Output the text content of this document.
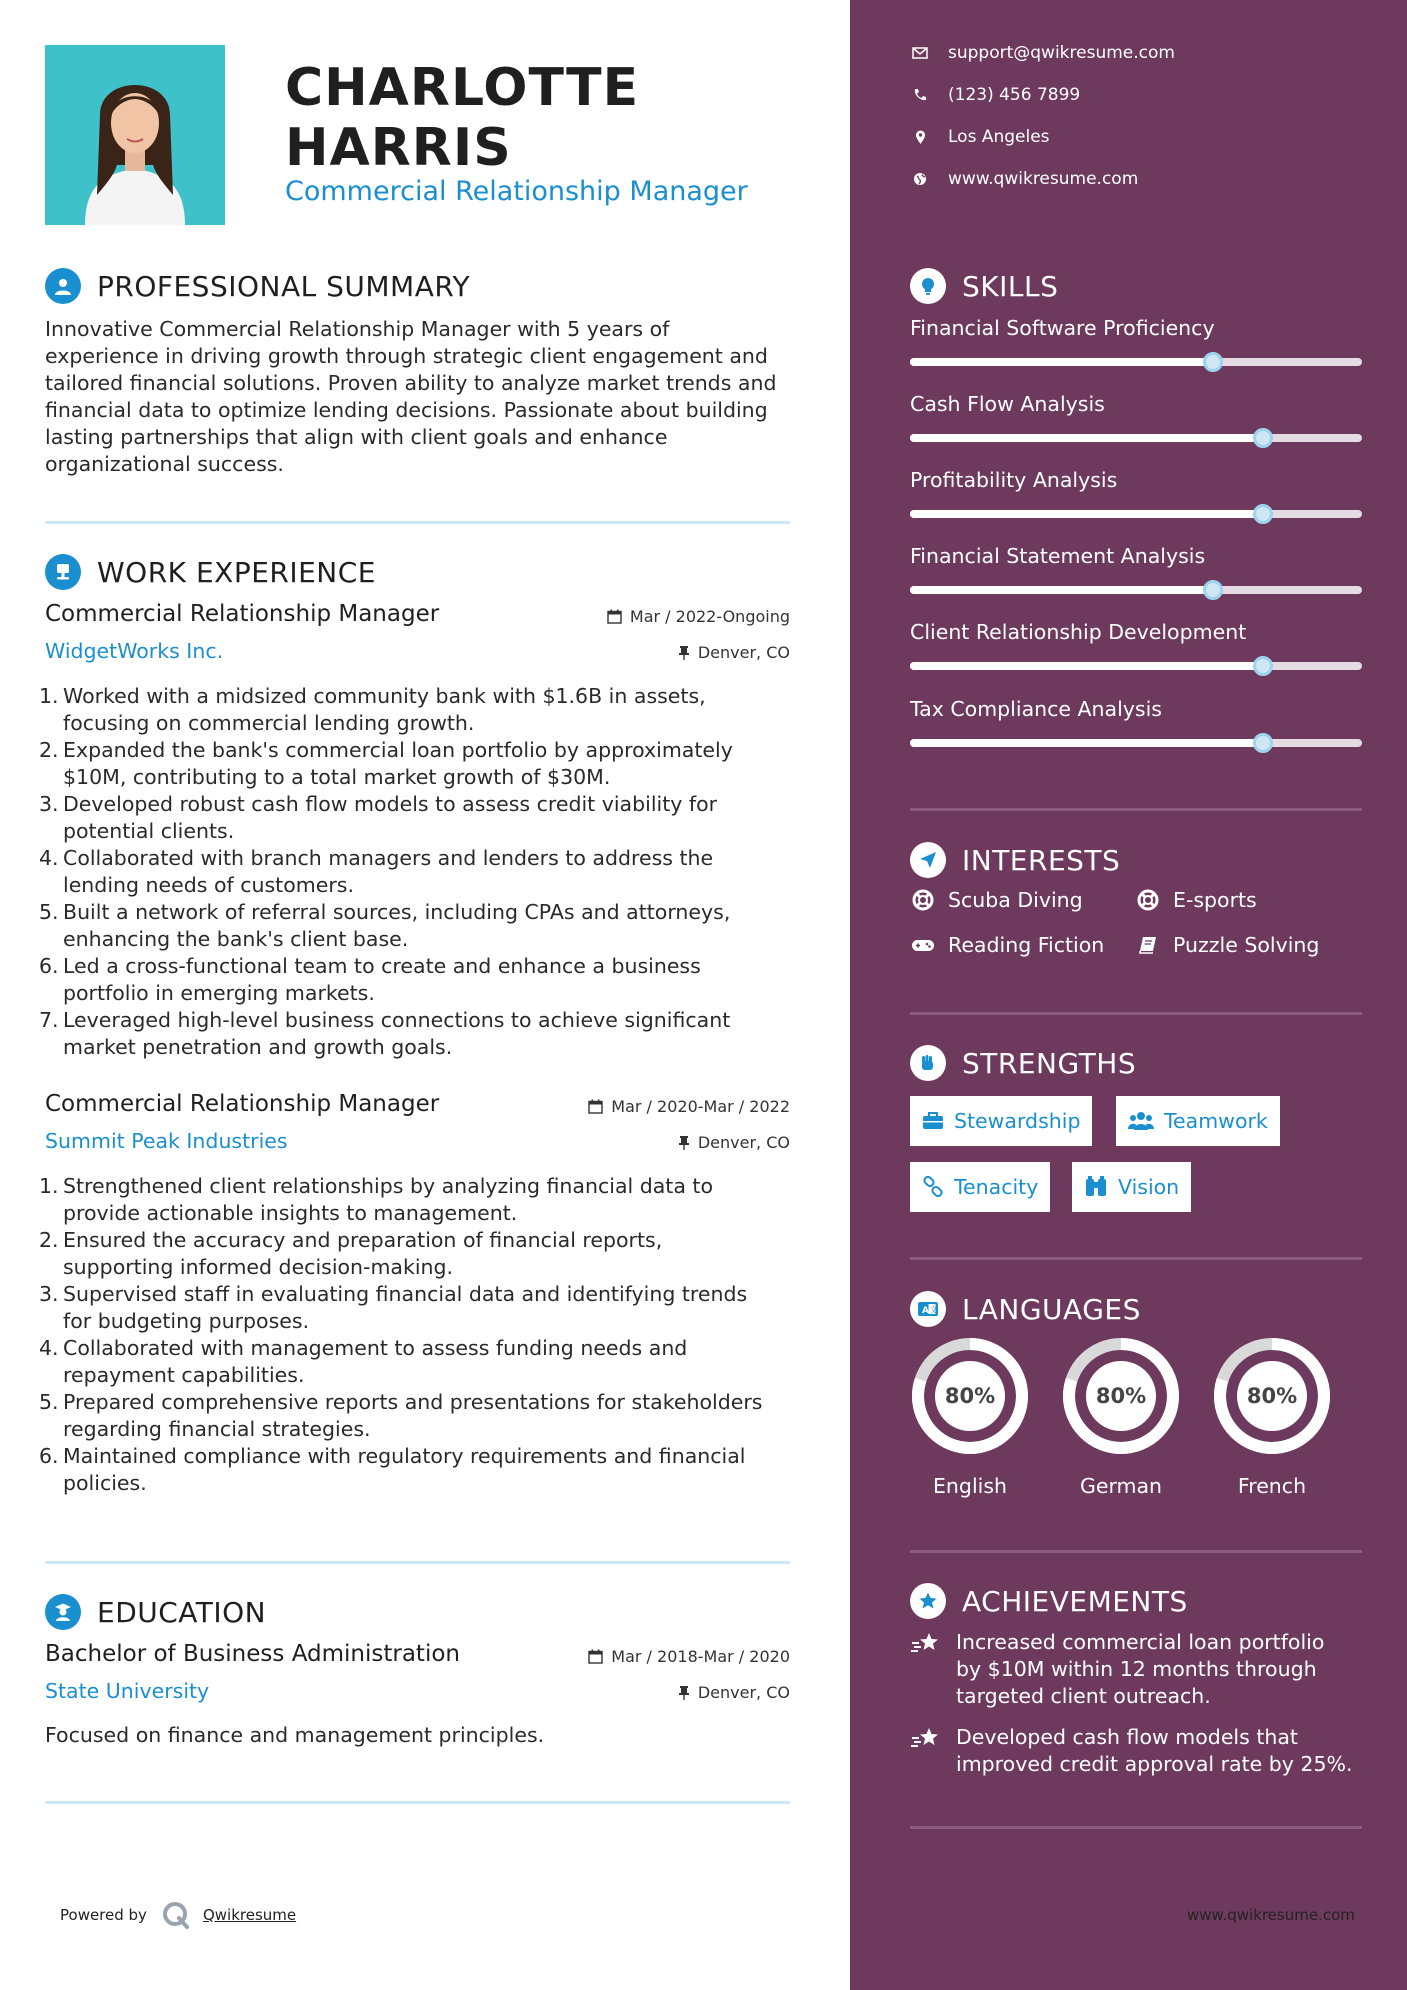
CHARLOTTE
HARRIS
Commercial Relationship Manager
PROFESSIONAL SUMMARY
Innovative Commercial Relationship Manager with 5 years of
experience in driving growth through strategic client engagement and
tailored financial solutions. Proven ability to analyze market trends and
financial data to optimize lending decisions. Passionate about building
lasting partnerships that align with client goals and enhance
organizational success.
WORK EXPERIENCE
Commercial Relationship Manager	Mar / 2022-Ongoing
WidgetWorks Inc.	Denver, CO
1. Worked with a midsized community bank with $1.6B in assets,
focusing on commercial lending growth.
2. Expanded the bank's commercial loan portfolio by approximately
$10M, contributing to a total market growth of $30M.
3. Developed robust cash flow models to assess credit viability for
potential clients.
4. Collaborated with branch managers and lenders to address the
lending needs of customers.
5. Built a network of referral sources, including CPAs and attorneys,
enhancing the bank's client base.
6. Led a cross-functional team to create and enhance a business
portfolio in emerging markets.
7. Leveraged high-level business connections to achieve significant
market penetration and growth goals.
Commercial Relationship Manager	Mar / 2020-Mar / 2022
Summit Peak Industries	Denver, CO
1. Strengthened client relationships by analyzing financial data to
provide actionable insights to management.
2. Ensured the accuracy and preparation of financial reports,
supporting informed decision-making.
3. Supervised staff in evaluating financial data and identifying trends
for budgeting purposes.
4. Collaborated with management to assess funding needs and
repayment capabilities.
5. Prepared comprehensive reports and presentations for stakeholders
regarding financial strategies.
6. Maintained compliance with regulatory requirements and financial
policies.
EDUCATION
Bachelor of Business Administration	Mar / 2018-Mar / 2020
State University	Denver, CO
Focused on finance and management principles.
Powered by	Qwikresume
support@qwikresume.com
(123) 456 7899
Los Angeles
www.qwikresume.com
SKILLS
Financial Software Proficiency
Cash Flow Analysis
Profitability Analysis
Financial Statement Analysis
Client Relationship Development
Tax Compliance Analysis
INTERESTS
Scuba Diving	E-sports
Reading Fiction	Puzzle Solving
STRENGTHS
Stewardship	Teamwork
Tenacity	Vision
A 文 LANGUAGES
80%
English
80%
German
80%
French
ACHIEVEMENTS
Increased commercial loan portfolio
by $10M within 12 months through
targeted client outreach.
Developed cash flow models that
improved credit approval rate by 25%.
www.qwikresume.com
